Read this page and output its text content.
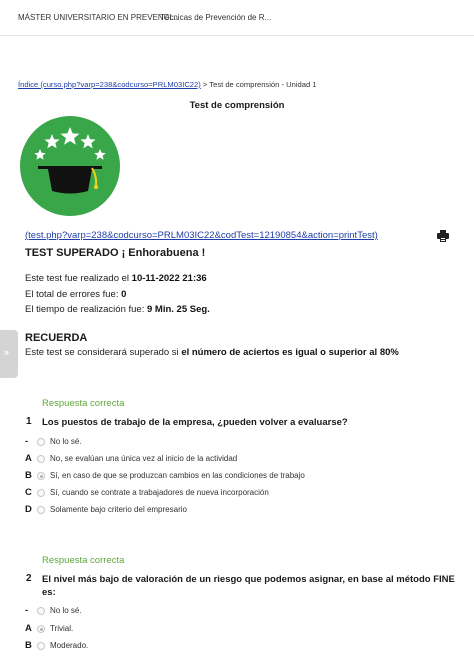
MÁSTER UNIVERSITARIO EN PREVENCI...
Técnicas de Prevención de R...
Índice (curso.php?varp=238&codcurso=PRLM03IC22) > Test de comprensión - Unidad 1
Test de comprensión
(test.php?varp=238&codcurso=PRLM03IC22&codTest=12190854&action=printTest)
TEST SUPERADO ¡ Enhorabuena !
Este test fue realizado el 10-11-2022 21:36
El total de errores fue: 0
El tiempo de realización fue: 9 Min. 25 Seg.
»
RECUERDA
Este test se considerará superado si el número de aciertos es igual o superior al 80%
Respuesta correcta
1 Los puestos de trabajo de la empresa, ¿pueden volver a evaluarse?
-	No lo sé.
A No, se evalúan una única vez al inicio de la actividad
B Sí, en caso de que se produzcan cambios en las condiciones de trabajo
C Sí, cuando se contrate a trabajadores de nueva incorporación
D Solamente bajo criterio del empresario
Respuesta correcta
2 El nivel más bajo de valoración de un riesgo que podemos asignar, en base al método FINE es:
-	No lo sé.
A Trivial.
B Moderado.
